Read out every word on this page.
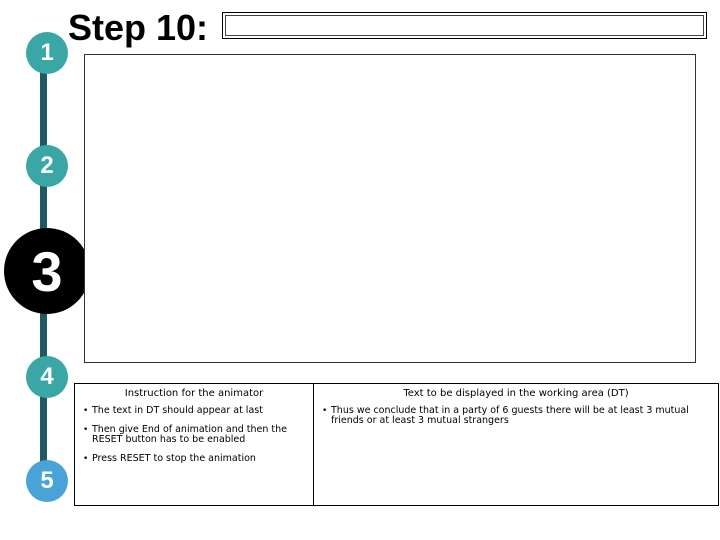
1
2
3
4
5
Step 10:
Instruction for the animator
• The text in DT should appear at last
• Then give End of animation and then the RESET button has to be enabled
• Press RESET to stop the animation
Text to be displayed in the working area (DT)
• Thus we conclude that in a party of 6 guests there will be at least 3 mutual friends or at least 3 mutual strangers
